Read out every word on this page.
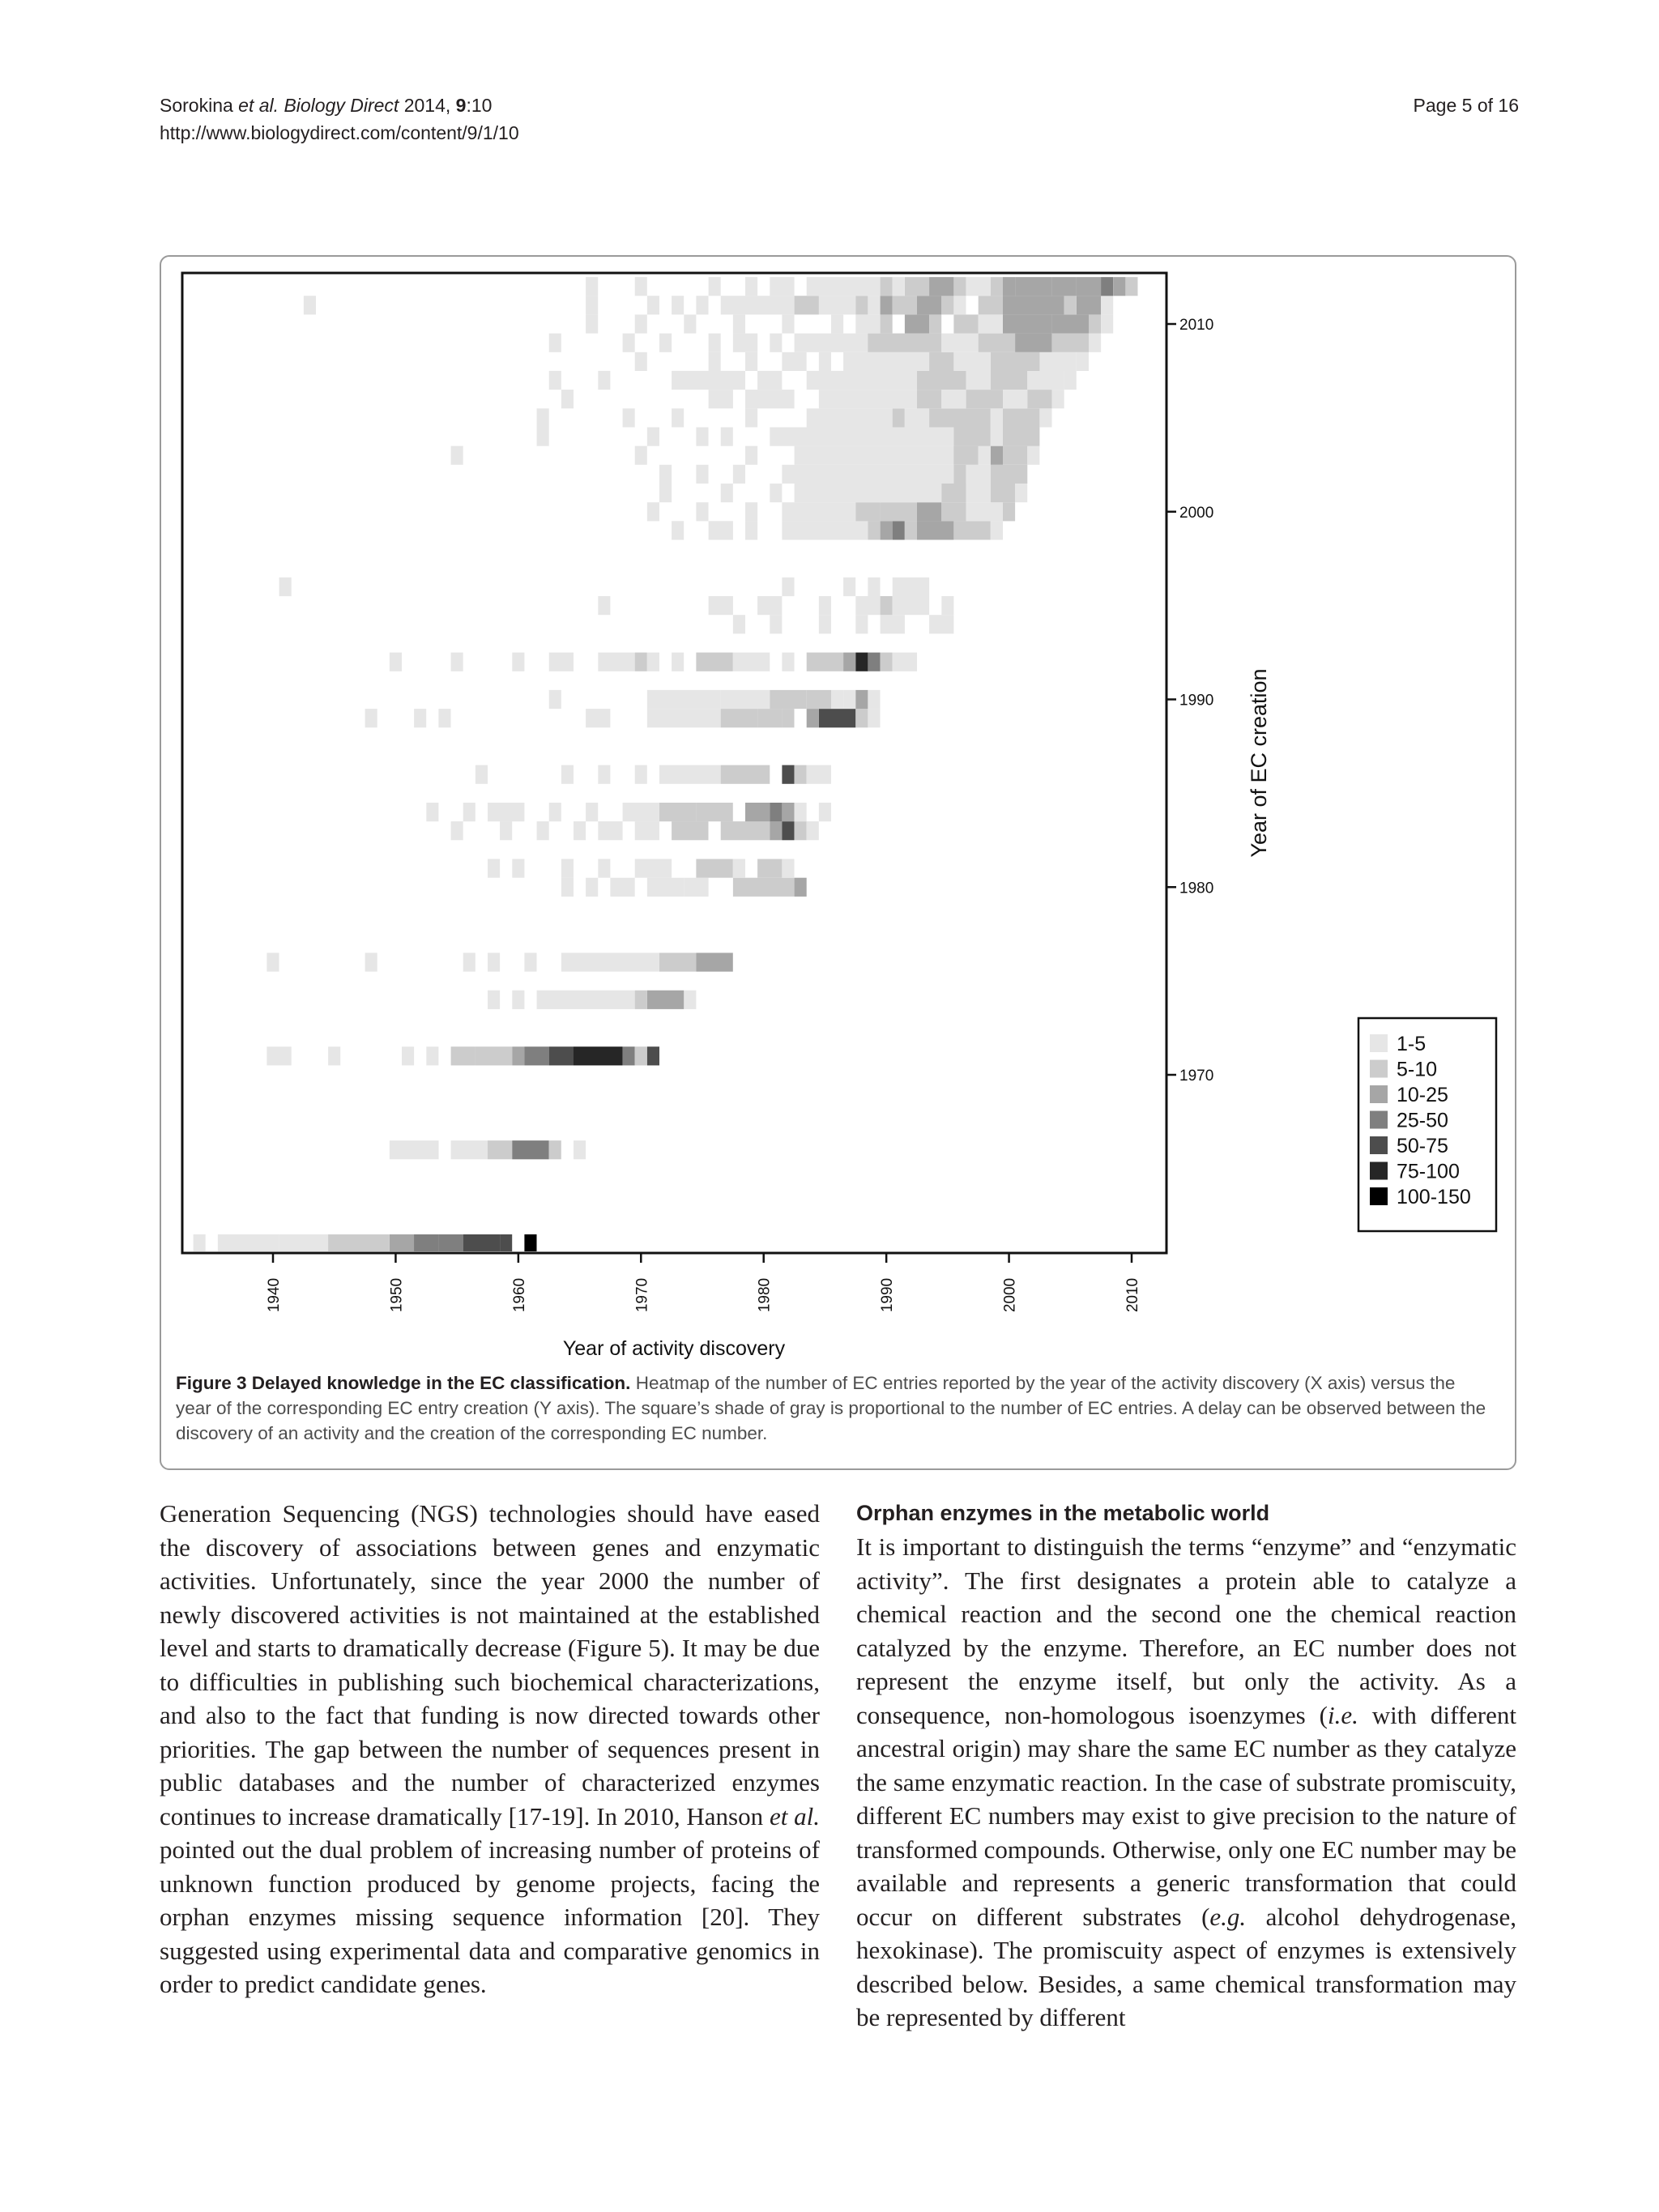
Sorokina et al. Biology Direct 2014, 9:10
http://www.biologydirect.com/content/9/1/10
Page 5 of 16
1940	1950	1960	1970	1980	1990	2000	2010
1970
1980
1990
2000
2010
Year of activity discovery
Year of EC creation
1-5
5-10
10-25
25-50
50-75
75-100
100-150
Figure 3 Delayed knowledge in the EC classification. Heatmap of the number of EC entries reported by the year of the activity discovery (X axis) versus the year of the corresponding EC entry creation (Y axis). The square’s shade of gray is proportional to the number of EC entries. A delay can be observed between the discovery of an activity and the creation of the corresponding EC number.
Generation Sequencing (NGS) technologies should have eased the discovery of associations between genes and enzymatic activities. Unfortunately, since the year 2000 the number of newly discovered activities is not maintained at the established level and starts to dramatically decrease (Figure 5). It may be due to difficulties in publishing such biochemical characterizations, and also to the fact that funding is now directed towards other priorities. The gap between the number of sequences present in public databases and the number of characterized enzymes continues to increase dramatically [17-19]. In 2010, Hanson et al. pointed out the dual problem of increasing number of proteins of unknown function produced by genome projects, facing the orphan enzymes missing sequence information [20]. They suggested using experimental data and comparative genomics in order to predict candidate genes.
Orphan enzymes in the metabolic world
It is important to distinguish the terms “enzyme” and “enzymatic activity”. The first designates a protein able to catalyze a chemical reaction and the second one the chemical reaction catalyzed by the enzyme. Therefore, an EC number does not represent the enzyme itself, but only the activity. As a consequence, non-homologous isoenzymes (i.e. with different ancestral origin) may share the same EC number as they catalyze the same enzymatic reaction. In the case of substrate promiscuity, different EC numbers may exist to give precision to the nature of transformed compounds. Otherwise, only one EC number may be available and represents a generic transformation that could occur on different substrates (e.g. alcohol dehydrogenase, hexokinase). The promiscuity aspect of enzymes is extensively described below. Besides, a same chemical transformation may be represented by different
